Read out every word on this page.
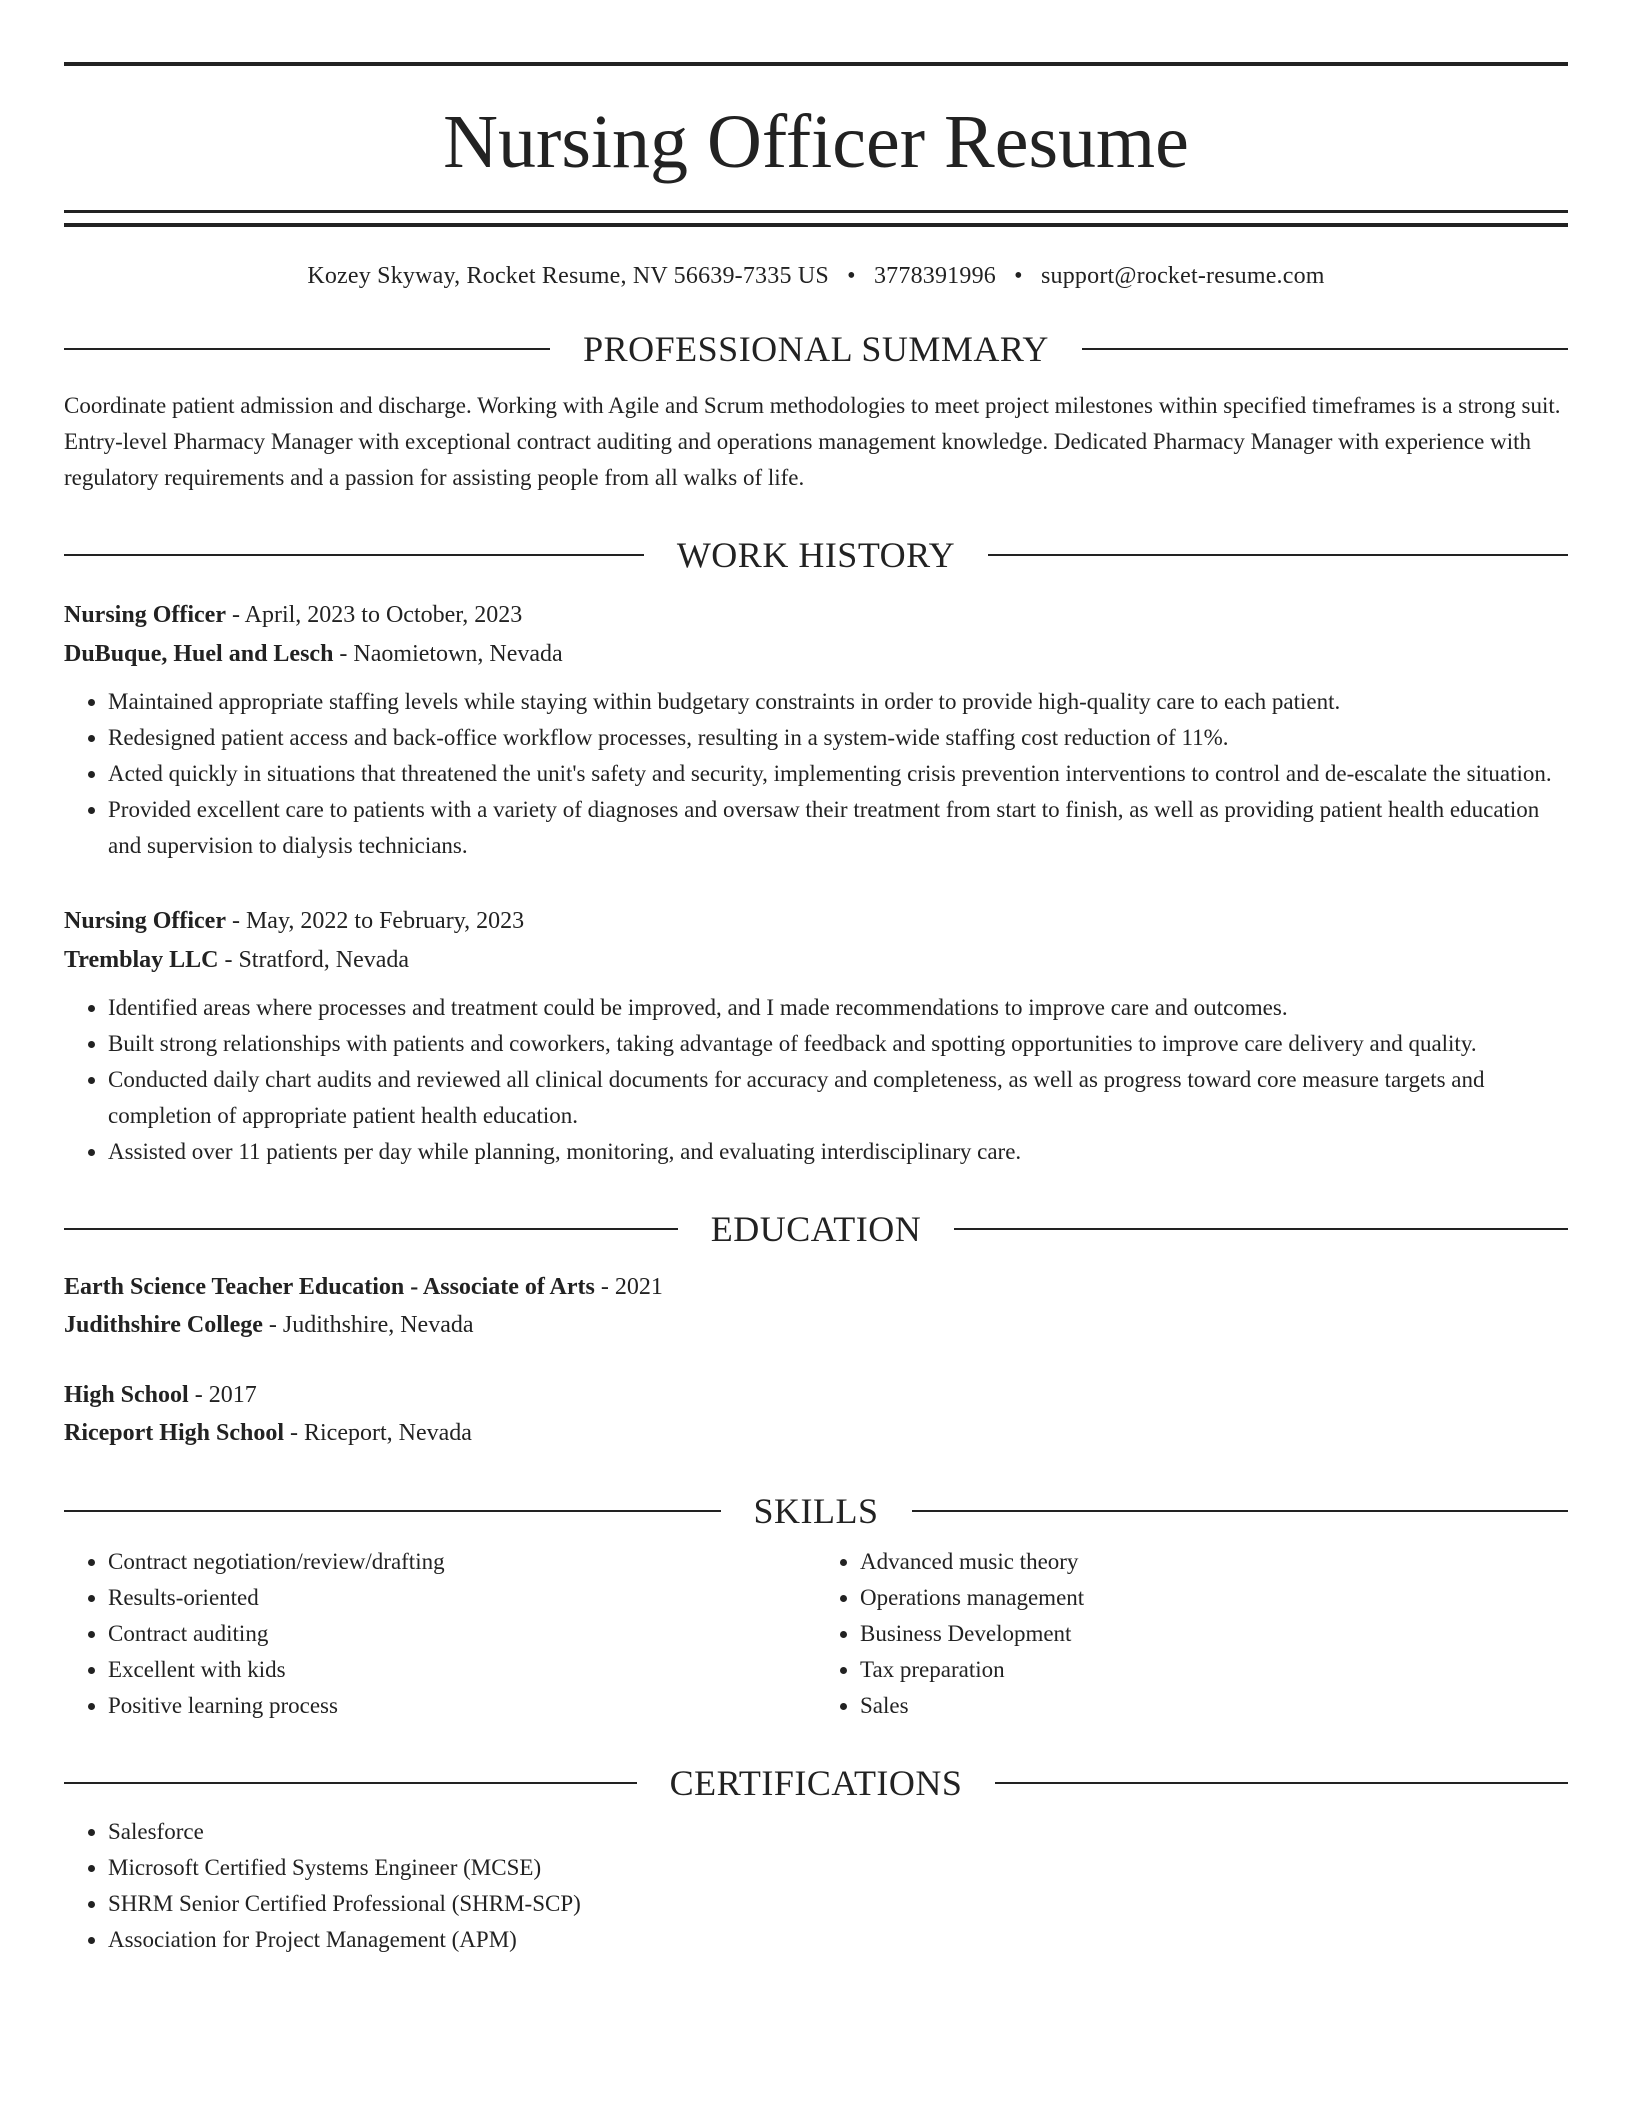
Nursing Officer Resume
Kozey Skyway, Rocket Resume, NV 56639-7335 US • 3778391996 • support@rocket-resume.com
PROFESSIONAL SUMMARY
Coordinate patient admission and discharge. Working with Agile and Scrum methodologies to meet project milestones within specified timeframes is a strong suit. Entry-level Pharmacy Manager with exceptional contract auditing and operations management knowledge. Dedicated Pharmacy Manager with experience with regulatory requirements and a passion for assisting people from all walks of life.
WORK HISTORY
Nursing Officer - April, 2023 to October, 2023
DuBuque, Huel and Lesch - Naomietown, Nevada
• Maintained appropriate staffing levels while staying within budgetary constraints in order to provide high-quality care to each patient.
• Redesigned patient access and back-office workflow processes, resulting in a system-wide staffing cost reduction of 11%.
• Acted quickly in situations that threatened the unit's safety and security, implementing crisis prevention interventions to control and de-escalate the situation.
• Provided excellent care to patients with a variety of diagnoses and oversaw their treatment from start to finish, as well as providing patient health education and supervision to dialysis technicians.
Nursing Officer - May, 2022 to February, 2023
Tremblay LLC - Stratford, Nevada
• Identified areas where processes and treatment could be improved, and I made recommendations to improve care and outcomes.
• Built strong relationships with patients and coworkers, taking advantage of feedback and spotting opportunities to improve care delivery and quality.
• Conducted daily chart audits and reviewed all clinical documents for accuracy and completeness, as well as progress toward core measure targets and completion of appropriate patient health education.
• Assisted over 11 patients per day while planning, monitoring, and evaluating interdisciplinary care.
EDUCATION
Earth Science Teacher Education - Associate of Arts - 2021
Judithshire College - Judithshire, Nevada
High School - 2017
Riceport High School - Riceport, Nevada
SKILLS
• Contract negotiation/review/drafting
• Results-oriented
• Contract auditing
• Excellent with kids
• Positive learning process
• Advanced music theory
• Operations management
• Business Development
• Tax preparation
• Sales
CERTIFICATIONS
• Salesforce
• Microsoft Certified Systems Engineer (MCSE)
• SHRM Senior Certified Professional (SHRM-SCP)
• Association for Project Management (APM)
